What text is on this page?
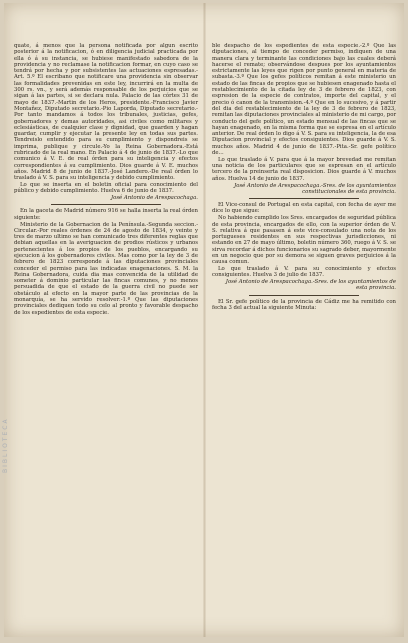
quate, á menos que la persona notificada por algun escrito posterior á la notificacion, ó en diligencia judicial practicada por ella ó á su instancia, se hubiese manifestado sabedora de la providencia y no reclamase la notificacion formar, en cuyo caso se tendrá por hecha y por subsistentes las actuaciones espresadas.-Art. 5.º El escribano que notificare una providencia sin observar las formalidades prevenidas en este ley, incurrirá en la multa de 300 rs. vn., y será además responsable de los perjuicios que se sigan á las partes, si se declara nula. Palacio de las córtes 31 de mayo de 1837.-Martin de los Heros, presidente.-Francisco Javier Montañez, Diputado secretario.-Pio Laporda, Diputado secretario.-Por tanto mandamos á todos los tribunales, justicias, gefes, gobernadores y demas autoridades, asi civiles como militares y eclesiásticas, de cualquier clase y dignidad, que guarden y hagan guardar, cumplir y ejecutar la presente ley en todas sus partes. Tendreislo entendido para su cumplimiento y dispondreis se imprima, publique y circule.-Yo la Reina Gobernadora.-Está rubricado de la real mano. En Palacio á 4 de junio de 1837.-Lo que comunico á V. E. de real órden para su inteligencia y efectos correspondientes á su cumplimiento. Dios guarde á V. E. muchos años. Madrid 8 de junio de 1837.-José Landero.-De real órden lo traslado á V. S. para su inteligencia y debido cumplimiento.

Lo que se inserta en el boletin oficial para conocimiento del público y debido cumplimiento. Huelva 6 de junio de 1837.

José Antonio de Arespacochaga.

En la gaceta de Madrid número 916 se halla inserta la real órden siguiente:

Ministerio de la Gobernacion de la Península.-Segunda seccion.-Circular.-Por reales órdenes de 24 de agosto de 1834, y veinte y tres de marzo ultimo se han comunicado tres diferentes reglas que debian aquellas en la averiguacion de prodios rústicos y urbanos pertenecientes á los propios de los pueblos, encargando su ejecucion á los gobernadores civiles. Mas como por la ley de 3 de febrero de 1823 corresponde á las diputaciones provinciales conceder el permiso para las indicadas enagenaciones. S. M. la Reina Gobernadora, cuida dia mas convencida de la utilidad de someter á dominio particular las fincas comunes, y no menos persuadida de que el estado de la guerra civil no puede ser obstáculo al efecto en la mayor parte de las provincias de la monarquía, se ha servido resolver:-1.º Que las diputaciones provinciales dediquen todo su celo al pronto y favorable despacho de los espedientes de esta especie.

ble despacho de los espedientes de esta especie.-2.º Que las diputaciones, al tiempo de conceder permiso, indiquen de una manera clara y terminante las condiciones bajo las cuales deberá hacerse el remate; observándose despues por los ayuntamientos estrictamente las leyes que rigen por punto general en materia de subasta.-3.º Que los gefes políticos remitan á este ministerio un estado de las fincas de propios que se hubiesen enagenado hasta el restablecimiento de la citada ley de 3 de febrero de 1823, con espresion de la especie de contratos, importe del capital, y el precio ó canon de la transmision.-4.º Que en lo sucesivo, y á partir del dia del restablecimiento de la ley de 3 de febrero de 1823, remitan las diputaciones provinciales al ministerio de mi cargo, por conducto del gefe político, un estado mensual de las fincas que se hayan enagenado, en la misma forma que se espresa en el artículo anterior. De real órden lo digo á V. S. para su inteligencia, la de esa Diputacion provincial y efectos consiguientes. Dios guarde á V. S. muchos años. Madrid 4 de junio de 1837.-Pita.-Sr. gefe político de...

Lo que traslado á V. para que á la mayor brevedad me remitan una noticia de los particulares que se espresan en el artículo tercero de la preinserta real disposicion. Dios guarde á V. muchos años. Huelva 14 de junio de 1837.

José Antonio de Arespacochaga.-Sres. de los ayuntamientos constitucionales de esta provincia.

El Vice-consul de Portugal en esta capital, con fecha de ayer me dice lo que sigue:

No habiendo cumplido los Sres. encargados de seguridad pública de esta provincia, encargados de ello, con la superior órden de V. S. relativa á que pasasen á este vice-consulado una nota de los portugueses residentes en sus respectivas jurisdicciones, ni estando en 27 de mayo último, boletin número 360, ruego á V. S. se sirva recordar á dichos funcionarios su sagrado deber, mayormente en un negocio que por su demora se siguen graves perjuicios á la causa comun.

Lo que traslado á V. para su conocimiento y efectos consiguientes. Huelva 3 de julio de 1837.

José Antonio de Arespacochaga.-Sres. de los ayuntamientos de esta provincia.

El Sr. gefe político de la provincia de Cádiz me ha remitido con fecha 3 del actual la siguiente Minuta:

BIBLIOTECA
